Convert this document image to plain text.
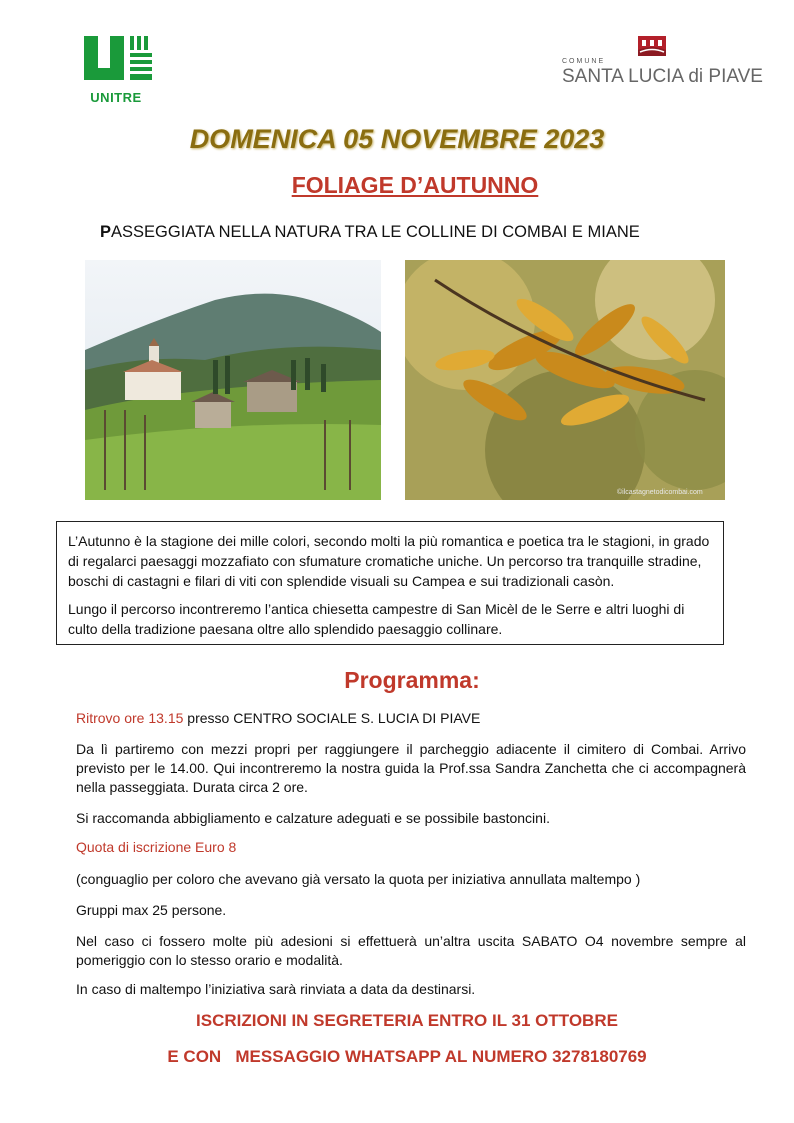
UNITRE
COMUNE
SANTA LUCIA di PIAVE
DOMENICA 05 NOVEMBRE 2023
FOLIAGE D’AUTUNNO
PASSEGGIATA NELLA NATURA TRA LE COLLINE DI COMBAI E MIANE
©ilcastagnetodicombai.com

L’Autunno è la stagione dei mille colori, secondo molti la più romantica e poetica tra le stagioni, in grado di regalarci paesaggi mozzafiato con sfumature cromatiche uniche. Un percorso tra tranquille stradine, boschi di castagni e filari di viti con splendide visuali su Campea e sui tradizionali casòn.

Lungo il percorso incontreremo l’antica chiesetta campestre di San Micèl de le Serre e altri luoghi di culto della tradizione paesana oltre allo splendido paesaggio collinare.

Programma:
Ritrovo ore 13.15 presso CENTRO SOCIALE S. LUCIA DI PIAVE
Da lì partiremo con mezzi propri per raggiungere il parcheggio adiacente il cimitero di Combai. Arrivo previsto per le 14.00. Qui incontreremo la nostra guida la Prof.ssa Sandra Zanchetta che ci accompagnerà nella passeggiata. Durata circa 2 ore.
Si raccomanda abbigliamento e calzature adeguati e se possibile bastoncini.
Quota di iscrizione Euro 8
(conguaglio per coloro che avevano già versato la quota per iniziativa annullata maltempo )
Gruppi max 25 persone.
Nel caso ci fossero molte più adesioni si effettuerà un’altra uscita SABATO O4 novembre sempre al pomeriggio con lo stesso orario e modalità.
In caso di maltempo l’iniziativa sarà rinviata a data da destinarsi.
ISCRIZIONI IN SEGRETERIA ENTRO IL 31 OTTOBRE
E CON   MESSAGGIO WHATSAPP AL NUMERO 3278180769
